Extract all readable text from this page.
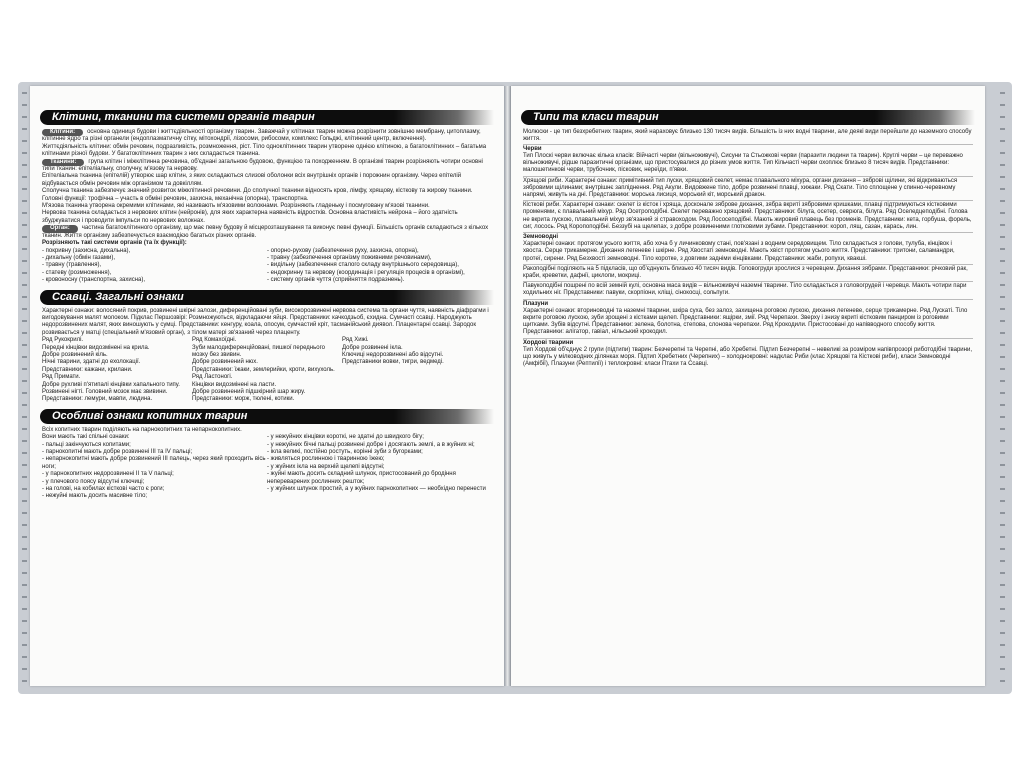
Клітини, тканини та системи органів тварин
Клітини: основна одиниця будови і життєдіяльності організму тварин. Заважчай у клітинах тварин можна розрізнити зовнішню мембрану, цитоплазму, клітинне ядро та різні органели (ендоплазматичну сітку, мітохондрії, лізосоми, рибосоми, комплекс Гольджі, клітинний центр, включення).
Життєдіяльність клітини: обмін речовин, подразливість, розмноження, ріст. Тіло одноклітинних тварин утворене однією клітиною, а багатоклітинних – багатьма клітинами різної будови. У багатоклітинних тварин з них складається тканина.
Тканини: група клітин і міжклітинна речовина, об'єднані загальною будовою, функцією та походженням. В організмі тварин розрізняють чотири основні типи тканин: епітеліальну, сполучну, м'язову та нервову.
Епітеліальна тканина (епітелій) утворює шар клітин, з яких складаються слизові оболонки всіх внутрішніх органів і порожнин організму. Через епітелій відбувається обмін речовин між організмом та довкіллям.
Сполучна тканина забезпечує значний розвиток міжклітинної речовини. До сполучної тканини відносять кров, лімфу, хрящову, кісткову та жирову тканини. Головні функції: трофічна – участь в обміні речовин, захисна, механічна (опорна), транспортна.
М'язова тканина утворена окремими клітинами, які називають м'язовими волокнами. Розрізняють гладеньку і посмуговану м'язові тканини.
Нервова тканина складається з нервових клітин (нейронів), для яких характерна наявність відростків. Основна властивість нейрона – його здатність збуджуватися і проводити імпульси по нервових волокнах.
Орган: частина багатоклітинного організму, що має певну будову й місцерозташування та виконує певні функції. Більшість органів складаються з кількох тканин. Життя організму забезпечується взаємодією багатьох різних органів.
Розрізняють такі системи органів (та їх функції):
- покривну (захисна, дихальна),
- дихальну (обмін газами),
- травну (травлення),
- статеву (розмноження),
- кровоносну (транспортна, захисна),
- опорно-рухову (забезпечення руху, захисна, опорна),
- травну (забезпечення організму поживними речовинами),
- видільну (забезпечення сталого складу внутрішнього середовища),
- ендокринну та нервову (координація і регуляція процесів в організмі),
- систему органів чуття (сприйняття подразнень).
Ссавці. Загальні ознаки
Характерні ознаки: волосяний покрив, розвинені шкірні залози, диференційовані зуби, високорозвинені нервова система та органи чуття, наявність діафрагми і вигодовування малят молоком. Підклас Першозвірі: Розмножуються, відкладаючи яйця. Представники: качкодзьоб, єхидна. Сумчасті ссавці. Народжують недорозвинених малят, яких виношують у сумці. Представники: кенгуру, коала, опосум, сумчастий кріт, тасманійський диявол. Плацентарні ссавці. Зародок розвивається у матці (спеціальний м'язовий орган), з тілом матері зв'язаний через плаценту.
Ряд Рукокрилі.
Передні кінцівки видозмінені на крила.
Добре розвинений кіль.
Нічні тварини, здатні до ехолокації.
Представники: кажани, крилани.
Ряд Примати.
Добре рухливі п'ятипалі кінцівки хапального типу.
Розвинені нігті. Головний мозок має звивини.
Представники: лемури, мавпи, людина.
Ряд Комахоїдні.
Зуби малодиференційовані, пишкої переднього мозку без звивин.
Добре розвинений нюх.
Представники: їжаки, землерийки, кроти, вихухоль.
Ряд Ластоногі.
Кінцівки видозмінені на ласти.
Добре розвинений підшкірний шар жиру.
Представники: морж, тюлені, котики.
Ряд Хижі.
Добре розвинені ікла.
Ключиці недорозвинені або відсутні.
Представники вовки, тигри, ведмеді.
Особливі ознаки копитних тварин
Всіх копитних тварин поділяють на парнокопитних та непарнокопитних.
Вони мають такі спільні ознаки:
- пальці закінчуються копитами;
- парнокопитні мають добре розвинені ІІІ та IV пальці;
- непарнокопитні мають добре розвинений ІІІ палець, через який проходить вісь ноги;
- у парнокопитних недорозвинені ІІ та V пальці;
- у плечового поясу відсутні ключиці;
- на голові, на кобилах кісткові часто є роги;
- нежуйні мають досить масивне тіло;
- у нежуйних кінцівки короткі, не здатні до швидкого бігу;
- у нежуйних бічні пальці розвинені добре і досягають землі, а в жуйних ні;
- ікла великі, постійно ростуть, корінні зуби з бугорками;
- живляться рослинною і тваринною їжею;
- у жуйних ікла на верхній щелепі відсутні;
- жуйні мають досить складний шлунок, пристосований до бродіння непереварених рослинних решток;
- у жуйних шлунок простий, а у жуйних парнокопитних — необхідно перенести
Типи та класи тварин
Молюски - це тип безхребетних тварин, який нараховує близько 130 тисяч видів. Більшість із них водні тварини, але деякі види перейшли до наземного способу життя.
Черви
Тип Плоскі черви включає кілька класів: Війчасті черви (вільноживучі), Сисуни та Стьожкові черви (паразити людини та тварин). Круглі черви – це переважно вільноживучі, рідше паразитичні організми, що пристосувалися до різних умов життя. Тип Кільчасті черви охоплює близько 8 тисяч видів. Представники: малошетинкові черви, трубочник, пісковик, нереїди, п'явки.
Хрящові риби. Характерні ознаки: примітивний тип луски, хрящовий скелет, немає плавального міхура, органи дихання – зяброві щілини, які відкриваються зябровими щілинами; внутрішнє запліднення. Ряд Акули. Видовжене тіло, добре розвинені плавці, хижаки. Ряд Скати. Тіло сплощене у спинно-черевному напрямі, живуть на дні. Представники: морська лисиця, морський кіт, морський дракон.
Кісткові риби. Характерні ознаки: скелет із кісток і хряща, досконале зяброве дихання, зябра вкриті зябровими кришками, плавці підтримуються кістковими променями, є плавальний міхур. Ряд Осетроподібні. Скелет переважно хрящовий. Представники: білуга, осетер, севрюга, білуга. Ряд Оселедцеподібні. Голова не вкрита лускою, плавальний міхур зв'язаний зі стравоходом. Ряд Лососеподібні. Мають жировий плавець без променів. Представники: кета, горбуша, форель, сиг, лосось. Ряд Коропоподібні. Беззубі на щелепах, з добре розвиненими глотковими зубами. Представники: короп, лящ, сазан, карась, лин.
Земноводні
Характерні ознаки: протягом усього життя, або хоча б у личинковому стані, пов'язані з водним середовищем. Тіло складається з голови, тулуба, кінцівок і хвоста. Серце трикамерне. Дихання легеневе і шкірне. Ряд Хвостаті земноводні. Мають хвіст протягом усього життя. Представники: тритони, саламандри, протеї, сирени. Ряд Безхвості земноводні. Тіло коротке, з довгими задніми кінцівками. Представники: жаби, ропухи, квакші.
Ракоподібні поділяють на 5 підкласів, що об'єднують близько 40 тисяч видів. Головогруди зрослися з черевцем. Дихання зябрами. Представники: річковий рак, краби, креветки, дафнії, циклопи, мокриці.
Павукоподібні пошрені по всій земній кулі, основна маса видів – вільноживучі наземні тварини. Тіло складається з головогрудей і черевця. Мають чотири пари ходильних ніг. Представники: павуки, скорпіони, кліщі, сінокосці, сольпуги.
Плазуни
Характерні ознаки: вториноводні та наземні тварини, шкіра суха, без залоз, захищена роговою лускою, дихання легеневе, серце трикамерне. Ряд Лускаті. Тіло вкрите роговою лускою, зуби зрощені з кістками щелеп. Представники: ящірки, змії. Ряд Черепахи. Зверху і знизу вкриті кістковим панциром із роговими щитками. Зубів відсутні. Представники: зелена, болотна, степова, слонова черепахи. Ряд Крокодили. Пристосовані до напівводного способу життя. Представники: алігатор, гавіал, нільський крокодил.
Хордові тварини
Тип Хордові об'єднує 2 групи (підтипи) тварин: Безчерепні та Черепні, або Хребетні. Підтип Безчерепні – невеликі за розміром напівпрозорі риботодібні тварини, що живуть у мілководних ділянках моря. Підтип Хребетних (Черепних) – холоднокровні: надклас Риби (клас Хрящові та Кісткові риби), класи Земноводні (Амфібії), Плазуни (Рептилії) і теплокровні: класи Птахи та Ссавці.
